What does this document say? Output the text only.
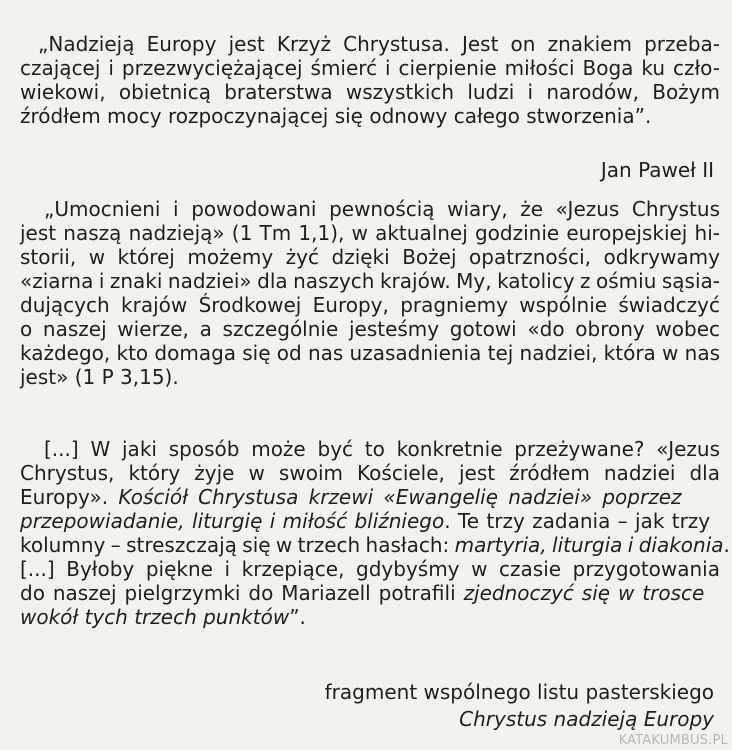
„Nadzieją Europy jest Krzyż Chrystusa. Jest on znakiem przeba-
czającej i przezwyciężającej śmierć i cierpienie miłości Boga ku czło-
wiekowi, obietnicą braterstwa wszystkich ludzi i narodów, Bożym
źródłem mocy rozpoczynającej się odnowy całego stworzenia”.
Jan Paweł II
„Umocnieni i powodowani pewnością wiary, że «Jezus Chrystus
jest naszą nadzieją» (1 Tm 1,1), w aktualnej godzinie europejskiej hi-
storii, w której możemy żyć dzięki Bożej opatrzności, odkrywamy
«ziarna i znaki nadziei» dla naszych krajów. My, katolicy z ośmiu sąsia-
dujących krajów Środkowej Europy, pragniemy wspólnie świadczyć
o naszej wierze, a szczególnie jesteśmy gotowi «do obrony wobec
każdego, kto domaga się od nas uzasadnienia tej nadziei, która w nas
jest» (1 P 3,15).
[...] W jaki sposób może być to konkretnie przeżywane? «Jezus
Chrystus, który żyje w swoim Kościele, jest źródłem nadziei dla
Europy». Kościół Chrystusa krzewi «Ewangelię nadziei» poprzez
przepowiadanie, liturgię i miłość bliźniego. Te trzy zadania – jak trzy
kolumny – streszczają się w trzech hasłach: martyria, liturgia i diakonia.
[...] Byłoby piękne i krzepiące, gdybyśmy w czasie przygotowania
do naszej pielgrzymki do Mariazell potrafili zjednoczyć się w trosce
wokół tych trzech punktów”.
fragment wspólnego listu pasterskiego
Chrystus nadzieją Europy
KATAKUMBUS.PL
